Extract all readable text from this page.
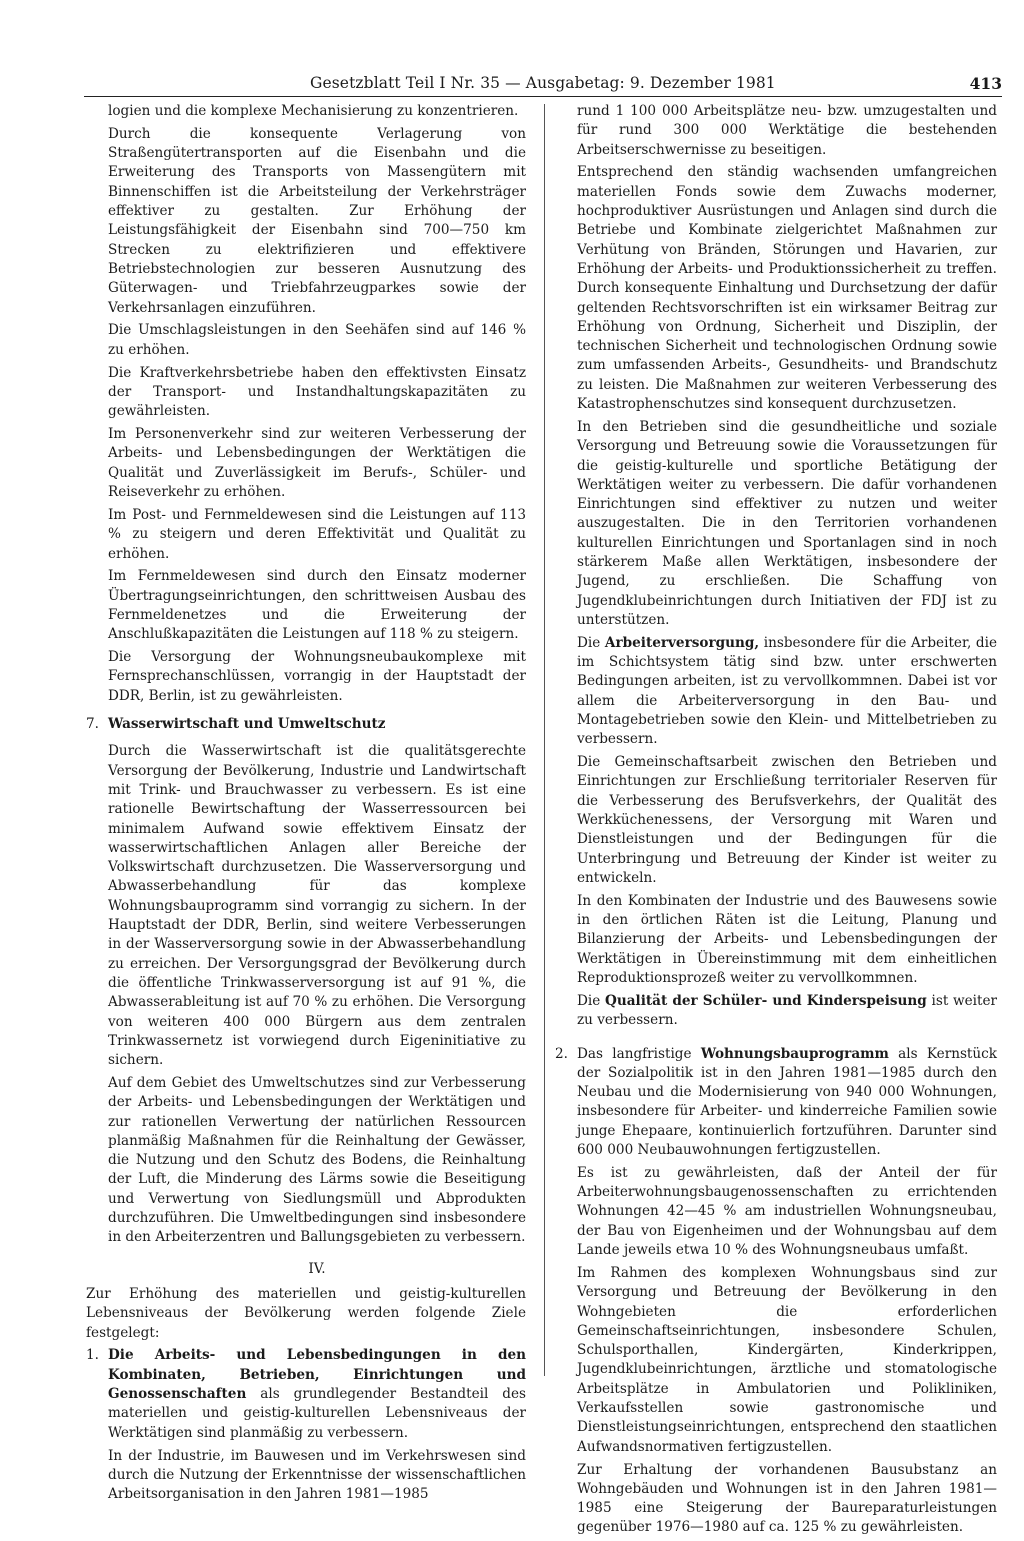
Gesetzblatt Teil I Nr. 35 — Ausgabetag: 9. Dezember 1981	413

logien und die komplexe Mechanisierung zu konzentrieren.

Durch die konsequente Verlagerung von Straßengütertransporten auf die Eisenbahn und die Erweiterung des Transports von Massengütern mit Binnenschiffen ist die Arbeitsteilung der Verkehrsträger effektiver zu gestalten. Zur Erhöhung der Leistungsfähigkeit der Eisenbahn sind 700—750 km Strecken zu elektrifizieren und effektivere Betriebstechnologien zur besseren Ausnutzung des Güterwagen- und Triebfahrzeugparkes sowie der Verkehrsanlagen einzuführen.

Die Umschlagsleistungen in den Seehäfen sind auf 146 % zu erhöhen.

Die Kraftverkehrsbetriebe haben den effektivsten Einsatz der Transport- und Instandhaltungskapazitäten zu gewährleisten.

Im Personenverkehr sind zur weiteren Verbesserung der Arbeits- und Lebensbedingungen der Werktätigen die Qualität und Zuverlässigkeit im Berufs-, Schüler- und Reiseverkehr zu erhöhen.

Im Post- und Fernmeldewesen sind die Leistungen auf 113 % zu steigern und deren Effektivität und Qualität zu erhöhen.

Im Fernmeldewesen sind durch den Einsatz moderner Übertragungseinrichtungen, den schrittweisen Ausbau des Fernmeldenetzes und die Erweiterung der Anschlußkapazitäten die Leistungen auf 118 % zu steigern.

Die Versorgung der Wohnungsneubaukomplexe mit Fernsprechanschlüssen, vorrangig in der Hauptstadt der DDR, Berlin, ist zu gewährleisten.

7. Wasserwirtschaft und Umweltschutz

Durch die Wasserwirtschaft ist die qualitätsgerechte Versorgung der Bevölkerung, Industrie und Landwirtschaft mit Trink- und Brauchwasser zu verbessern. Es ist eine rationelle Bewirtschaftung der Wasserressourcen bei minimalem Aufwand sowie effektivem Einsatz der wasserwirtschaftlichen Anlagen aller Bereiche der Volkswirtschaft durchzusetzen. Die Wasserversorgung und Abwasserbehandlung für das komplexe Wohnungsbauprogramm sind vorrangig zu sichern. In der Hauptstadt der DDR, Berlin, sind weitere Verbesserungen in der Wasserversorgung sowie in der Abwasserbehandlung zu erreichen. Der Versorgungsgrad der Bevölkerung durch die öffentliche Trinkwasserversorgung ist auf 91 %, die Abwasserableitung ist auf 70 % zu erhöhen. Die Versorgung von weiteren 400 000 Bürgern aus dem zentralen Trinkwassernetz ist vorwiegend durch Eigeninitiative zu sichern.

Auf dem Gebiet des Umweltschutzes sind zur Verbesserung der Arbeits- und Lebensbedingungen der Werktätigen und zur rationellen Verwertung der natürlichen Ressourcen planmäßig Maßnahmen für die Reinhaltung der Gewässer, die Nutzung und den Schutz des Bodens, die Reinhaltung der Luft, die Minderung des Lärms sowie die Beseitigung und Verwertung von Siedlungsmüll und Abprodukten durchzuführen. Die Umweltbedingungen sind insbesondere in den Arbeiterzentren und Ballungsgebieten zu verbessern.

IV.

Zur Erhöhung des materiellen und geistig-kulturellen Lebensniveaus der Bevölkerung werden folgende Ziele festgelegt:

1. Die Arbeits- und Lebensbedingungen in den Kombinaten, Betrieben, Einrichtungen und Genossenschaften als grundlegender Bestandteil des materiellen und geistig-kulturellen Lebensniveaus der Werktätigen sind planmäßig zu verbessern.

In der Industrie, im Bauwesen und im Verkehrswesen sind durch die Nutzung der Erkenntnisse der wissenschaftlichen Arbeitsorganisation in den Jahren 1981—1985

rund 1 100 000 Arbeitsplätze neu- bzw. umzugestalten und für rund 300 000 Werktätige die bestehenden Arbeitserschwernisse zu beseitigen.

Entsprechend den ständig wachsenden umfangreichen materiellen Fonds sowie dem Zuwachs moderner, hochproduktiver Ausrüstungen und Anlagen sind durch die Betriebe und Kombinate zielgerichtet Maßnahmen zur Verhütung von Bränden, Störungen und Havarien, zur Erhöhung der Arbeits- und Produktionssicherheit zu treffen. Durch konsequente Einhaltung und Durchsetzung der dafür geltenden Rechtsvorschriften ist ein wirksamer Beitrag zur Erhöhung von Ordnung, Sicherheit und Disziplin, der technischen Sicherheit und technologischen Ordnung sowie zum umfassenden Arbeits-, Gesundheits- und Brandschutz zu leisten. Die Maßnahmen zur weiteren Verbesserung des Katastrophenschutzes sind konsequent durchzusetzen.

In den Betrieben sind die gesundheitliche und soziale Versorgung und Betreuung sowie die Voraussetzungen für die geistig-kulturelle und sportliche Betätigung der Werktätigen weiter zu verbessern. Die dafür vorhandenen Einrichtungen sind effektiver zu nutzen und weiter auszugestalten. Die in den Territorien vorhandenen kulturellen Einrichtungen und Sportanlagen sind in noch stärkerem Maße allen Werktätigen, insbesondere der Jugend, zu erschließen. Die Schaffung von Jugendklubeinrichtungen durch Initiativen der FDJ ist zu unterstützen.

Die Arbeiterversorgung, insbesondere für die Arbeiter, die im Schichtsystem tätig sind bzw. unter erschwerten Bedingungen arbeiten, ist zu vervollkommnen. Dabei ist vor allem die Arbeiterversorgung in den Bau- und Montagebetrieben sowie den Klein- und Mittelbetrieben zu verbessern.

Die Gemeinschaftsarbeit zwischen den Betrieben und Einrichtungen zur Erschließung territorialer Reserven für die Verbesserung des Berufsverkehrs, der Qualität des Werkküchenessens, der Versorgung mit Waren und Dienstleistungen und der Bedingungen für die Unterbringung und Betreuung der Kinder ist weiter zu entwickeln.

In den Kombinaten der Industrie und des Bauwesens sowie in den örtlichen Räten ist die Leitung, Planung und Bilanzierung der Arbeits- und Lebensbedingungen der Werktätigen in Übereinstimmung mit dem einheitlichen Reproduktionsprozeß weiter zu vervollkommnen.

Die Qualität der Schüler- und Kinderspeisung ist weiter zu verbessern.

2. Das langfristige Wohnungsbauprogramm als Kernstück der Sozialpolitik ist in den Jahren 1981—1985 durch den Neubau und die Modernisierung von 940 000 Wohnungen, insbesondere für Arbeiter- und kinderreiche Familien sowie junge Ehepaare, kontinuierlich fortzuführen. Darunter sind 600 000 Neubauwohnungen fertigzustellen.

Es ist zu gewährleisten, daß der Anteil der für Arbeiterwohnungsbaugenossenschaften zu errichtenden Wohnungen 42—45 % am industriellen Wohnungsneubau, der Bau von Eigenheimen und der Wohnungsbau auf dem Lande jeweils etwa 10 % des Wohnungsneubaus umfaßt.

Im Rahmen des komplexen Wohnungsbaus sind zur Versorgung und Betreuung der Bevölkerung in den Wohngebieten die erforderlichen Gemeinschaftseinrichtungen, insbesondere Schulen, Schulsporthallen, Kindergärten, Kinderkrippen, Jugendklubeinrichtungen, ärztliche und stomatologische Arbeitsplätze in Ambulatorien und Polikliniken, Verkaufsstellen sowie gastronomische und Dienstleistungseinrichtungen, entsprechend den staatlichen Aufwandsnormativen fertigzustellen.

Zur Erhaltung der vorhandenen Bausubstanz an Wohngebäuden und Wohnungen ist in den Jahren 1981—1985 eine Steigerung der Baureparaturleistungen gegenüber 1976—1980 auf ca. 125 % zu gewährleisten.
